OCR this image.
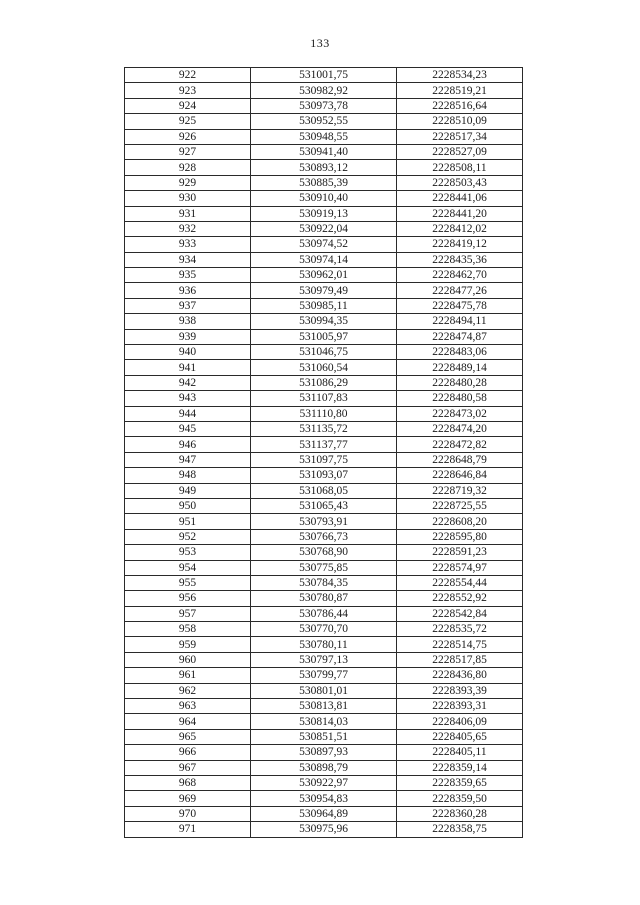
133
922	531001,75	2228534,23
923	530982,92	2228519,21
924	530973,78	2228516,64
925	530952,55	2228510,09
926	530948,55	2228517,34
927	530941,40	2228527,09
928	530893,12	2228508,11
929	530885,39	2228503,43
930	530910,40	2228441,06
931	530919,13	2228441,20
932	530922,04	2228412,02
933	530974,52	2228419,12
934	530974,14	2228435,36
935	530962,01	2228462,70
936	530979,49	2228477,26
937	530985,11	2228475,78
938	530994,35	2228494,11
939	531005,97	2228474,87
940	531046,75	2228483,06
941	531060,54	2228489,14
942	531086,29	2228480,28
943	531107,83	2228480,58
944	531110,80	2228473,02
945	531135,72	2228474,20
946	531137,77	2228472,82
947	531097,75	2228648,79
948	531093,07	2228646,84
949	531068,05	2228719,32
950	531065,43	2228725,55
951	530793,91	2228608,20
952	530766,73	2228595,80
953	530768,90	2228591,23
954	530775,85	2228574,97
955	530784,35	2228554,44
956	530780,87	2228552,92
957	530786,44	2228542,84
958	530770,70	2228535,72
959	530780,11	2228514,75
960	530797,13	2228517,85
961	530799,77	2228436,80
962	530801,01	2228393,39
963	530813,81	2228393,31
964	530814,03	2228406,09
965	530851,51	2228405,65
966	530897,93	2228405,11
967	530898,79	2228359,14
968	530922,97	2228359,65
969	530954,83	2228359,50
970	530964,89	2228360,28
971	530975,96	2228358,75
